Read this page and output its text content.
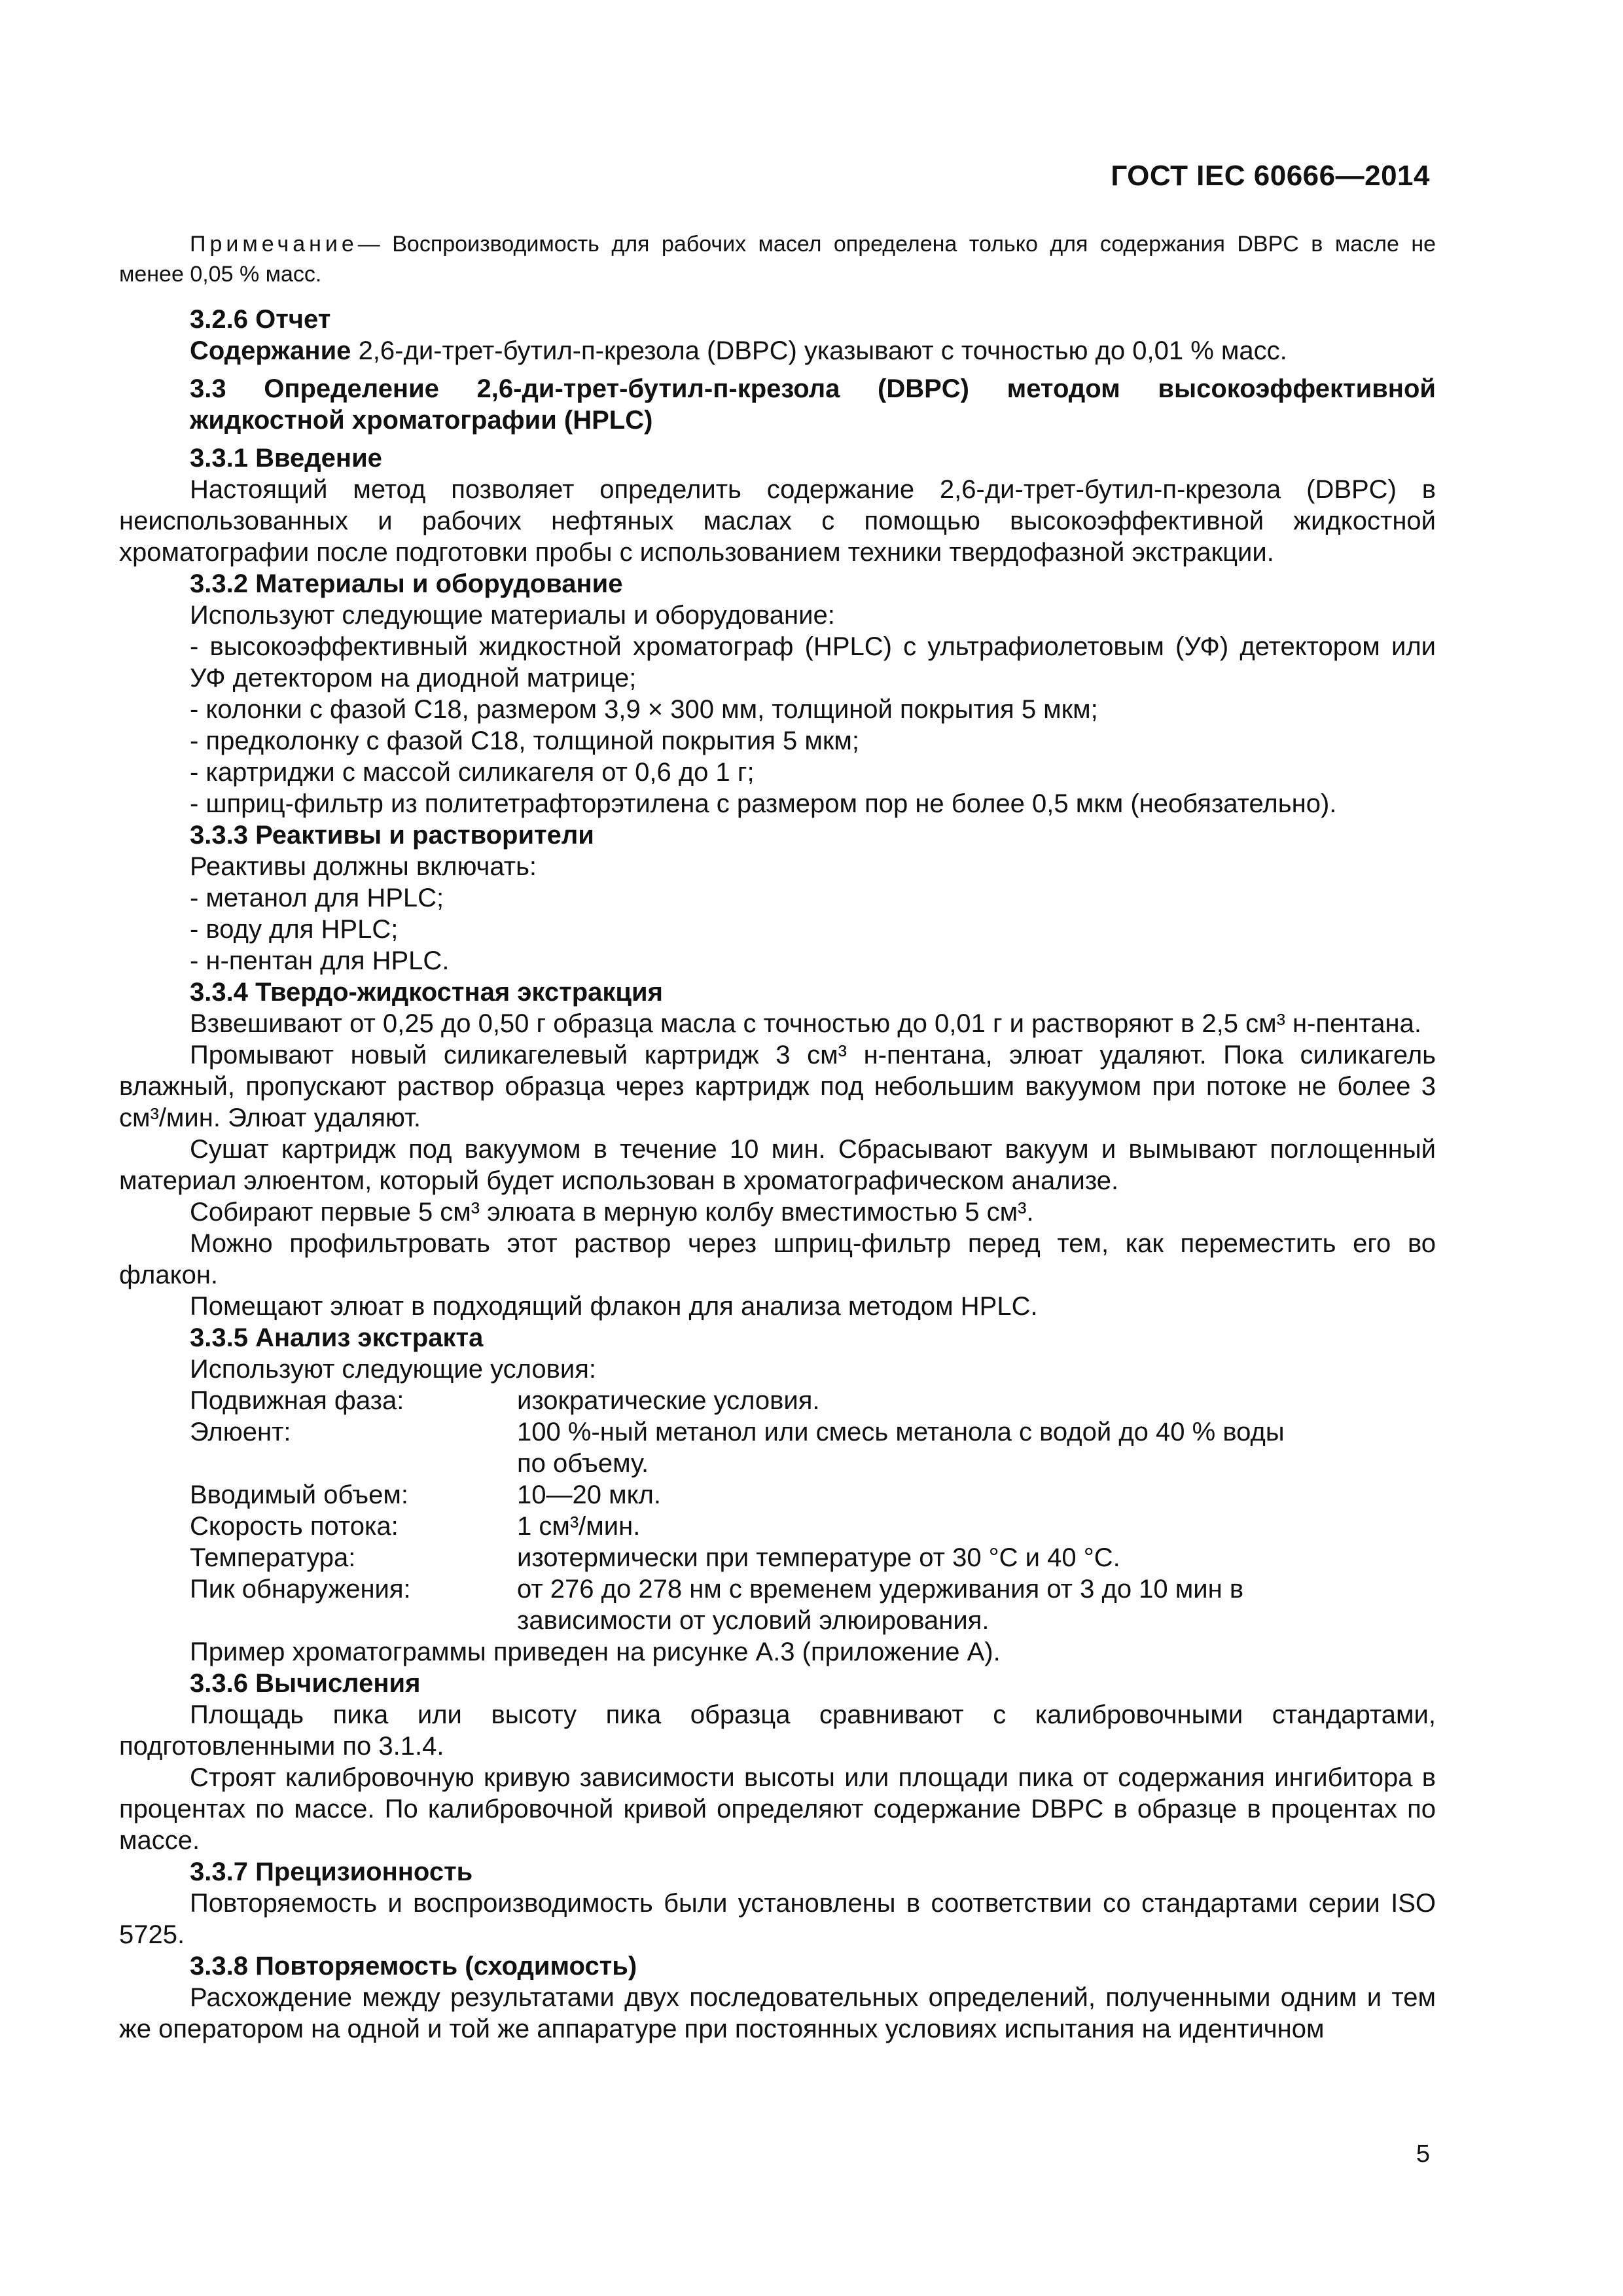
ГОСТ IEC 60666—2014

Примечание— Воспроизводимость для рабочих масел определена только для содержания DBPC в масле не менее 0,05 % масс.

3.2.6 Отчет

Содержание 2,6-ди-трет-бутил-п-крезола (DBPC) указывают с точностью до 0,01 % масс.

3.3 Определение 2,6-ди-трет-бутил-п-крезола (DBPC) методом высокоэффективной жидкостной хроматографии (HPLC)

3.3.1 Введение

Настоящий метод позволяет определить содержание 2,6-ди-трет-бутил-п-крезола (DBPC) в неиспользованных и рабочих нефтяных маслах с помощью высокоэффективной жидкостной хроматографии после подготовки пробы с использованием техники твердофазной экстракции.

3.3.2 Материалы и оборудование

Используют следующие материалы и оборудование:

- высокоэффективный жидкостной хроматограф (HPLC) с ультрафиолетовым (УФ) детектором или УФ детектором на диодной матрице;

- колонки с фазой С18, размером 3,9 × 300 мм, толщиной покрытия 5 мкм;

- предколонку с фазой С18, толщиной покрытия 5 мкм;

- картриджи с массой силикагеля от 0,6 до 1 г;

- шприц-фильтр из политетрафторэтилена с размером пор не более 0,5 мкм (необязательно).

3.3.3 Реактивы и растворители

Реактивы должны включать:

- метанол для HPLC;

- воду для HPLC;

- н-пентан для HPLC.

3.3.4 Твердо-жидкостная экстракция

Взвешивают от 0,25 до 0,50 г образца масла с точностью до 0,01 г и растворяют в 2,5 см³ н-пентана.

Промывают новый силикагелевый картридж 3 см³ н-пентана, элюат удаляют. Пока силикагель влажный, пропускают раствор образца через картридж под небольшим вакуумом при потоке не более 3 см³/мин. Элюат удаляют.

Сушат картридж под вакуумом в течение 10 мин. Сбрасывают вакуум и вымывают поглощенный материал элюентом, который будет использован в хроматографическом анализе.

Собирают первые 5 см³ элюата в мерную колбу вместимостью 5 см³.

Можно профильтровать этот раствор через шприц-фильтр перед тем, как переместить его во флакон.

Помещают элюат в подходящий флакон для анализа методом HPLC.

3.3.5 Анализ экстракта

Используют следующие условия:

Подвижная фаза:	изократические условия.
Элюент:	100 %-ный метанол или смесь метанола с водой до 40 % воды по объему.
Вводимый объем:	10—20 мкл.
Скорость потока:	1 см³/мин.
Температура:	изотермически при температуре от 30 °С и 40 °С.
Пик обнаружения:	от 276 до 278 нм с временем удерживания от 3 до 10 мин в зависимости от условий элюирования.

Пример хроматограммы приведен на рисунке А.3 (приложение А).

3.3.6 Вычисления

Площадь пика или высоту пика образца сравнивают с калибровочными стандартами, подготовленными по 3.1.4.

Строят калибровочную кривую зависимости высоты или площади пика от содержания ингибитора в процентах по массе. По калибровочной кривой определяют содержание DBPC в образце в процентах по массе.

3.3.7 Прецизионность

Повторяемость и воспроизводимость были установлены в соответствии со стандартами серии ISO 5725.

3.3.8 Повторяемость (сходимость)

Расхождение между результатами двух последовательных определений, полученными одним и тем же оператором на одной и той же аппаратуре при постоянных условиях испытания на идентичном

5
